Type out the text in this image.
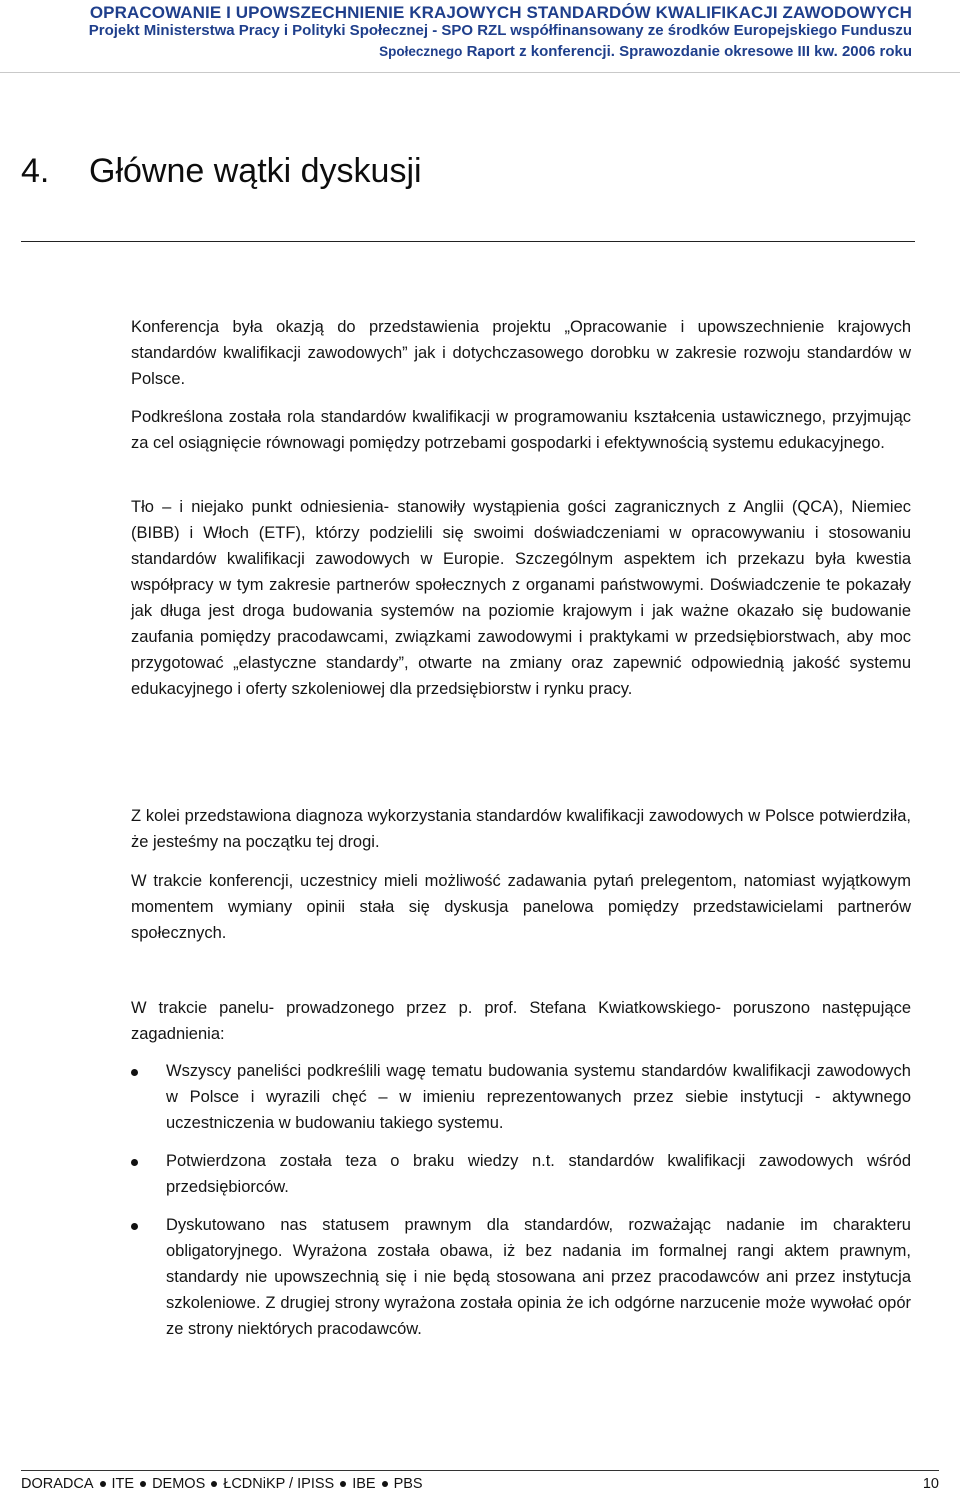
OPRACOWANIE I UPOWSZECHNIENIE KRAJOWYCH STANDARDÓW KWALIFIKACJI ZAWODOWYCH
Projekt Ministerstwa Pracy i Polityki Społecznej - SPO RZL współfinansowany ze środków Europejskiego Funduszu
Społecznego Raport z konferencji. Sprawozdanie okresowe III kw. 2006 roku
4. Główne wątki dyskusji

Konferencja była okazją do przedstawienia projektu „Opracowanie i upowszechnienie krajowych standardów kwalifikacji zawodowych” jak i dotychczasowego dorobku w zakresie rozwoju standardów w Polsce.

Podkreślona została rola standardów kwalifikacji w programowaniu kształcenia ustawicznego, przyjmując za cel osiągnięcie równowagi pomiędzy potrzebami gospodarki i efektywnością systemu edukacyjnego.

Tło – i niejako punkt odniesienia- stanowiły wystąpienia gości zagranicznych z Anglii (QCA), Niemiec (BIBB) i Włoch (ETF), którzy podzielili się swoimi doświadczeniami w opracowywaniu i stosowaniu standardów kwalifikacji zawodowych w Europie. Szczególnym aspektem ich przekazu była kwestia współpracy w tym zakresie partnerów społecznych z organami państwowymi. Doświadczenie te pokazały jak długa jest droga budowania systemów na poziomie krajowym i jak ważne okazało się budowanie zaufania pomiędzy pracodawcami, związkami zawodowymi i praktykami w przedsiębiorstwach, aby moc przygotować „elastyczne standardy”, otwarte na zmiany oraz zapewnić odpowiednią jakość systemu edukacyjnego i oferty szkoleniowej dla przedsiębiorstw i rynku pracy.

Z kolei przedstawiona diagnoza wykorzystania standardów kwalifikacji zawodowych w Polsce potwierdziła, że jesteśmy na początku tej drogi.

W trakcie konferencji, uczestnicy mieli możliwość zadawania pytań prelegentom, natomiast wyjątkowym momentem wymiany opinii stała się dyskusja panelowa pomiędzy przedstawicielami partnerów społecznych.

W trakcie panelu- prowadzonego przez p. prof. Stefana Kwiatkowskiego- poruszono następujące zagadnienia:

Wszyscy paneliści podkreślili wagę tematu budowania systemu standardów kwalifikacji zawodowych w Polsce i wyrazili chęć – w imieniu reprezentowanych przez siebie instytucji - aktywnego uczestniczenia w budowaniu takiego systemu.

Potwierdzona została teza o braku wiedzy n.t. standardów kwalifikacji zawodowych wśród przedsiębiorców.

Dyskutowano nas statusem prawnym dla standardów, rozważając nadanie im charakteru obligatoryjnego. Wyrażona została obawa, iż bez nadania im formalnej rangi aktem prawnym, standardy nie upowszechnią się i nie będą stosowana ani przez pracodawców ani przez instytucja szkoleniowe. Z drugiej strony wyrażona została opinia że ich odgórne narzucenie może wywołać opór ze strony niektórych pracodawców.

DORADCA ITE DEMOS ŁCDNiKP / IPISS IBE PBS	10
